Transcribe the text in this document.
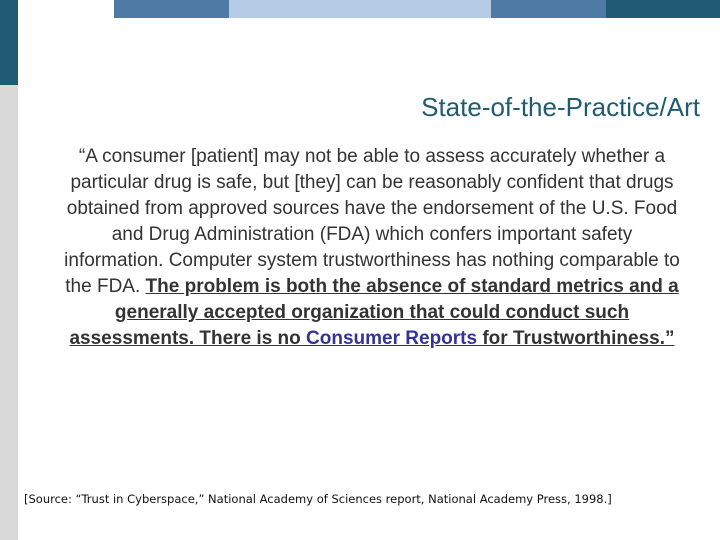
State-of-the-Practice/Art

“A consumer [patient] may not be able to assess accurately whether a particular drug is safe, but [they] can be reasonably confident that drugs obtained from approved sources have the endorsement of the U.S. Food and Drug Administration (FDA) which confers important safety information. Computer system trustworthiness has nothing comparable to the FDA. The problem is both the absence of standard metrics and a generally accepted organization that could conduct such assessments. There is no Consumer Reports for Trustworthiness.”

[Source: “Trust in Cyberspace,” National Academy of Sciences report, National Academy Press, 1998.]
